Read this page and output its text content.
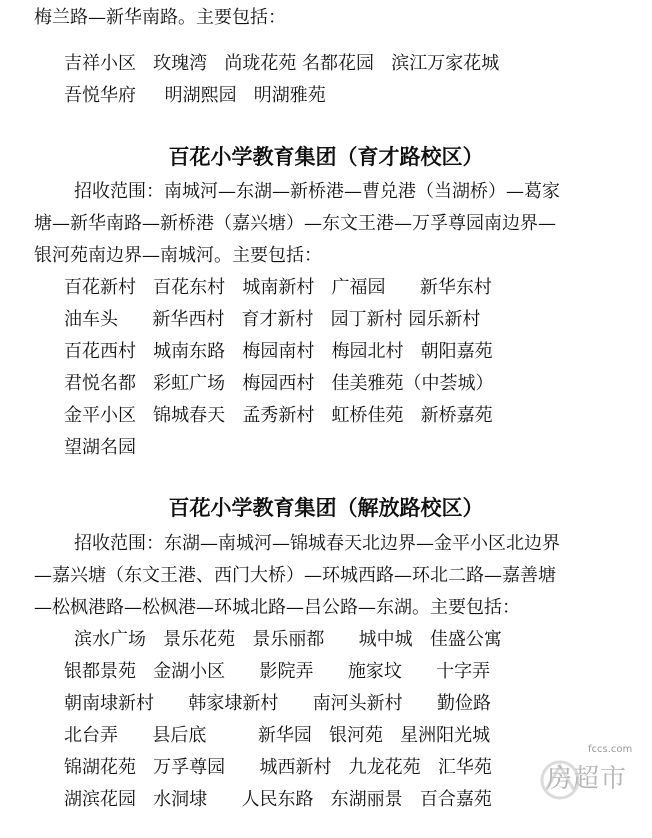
梅兰路—新华南路。主要包括：
吉祥小区   玫瑰湾   尚珑花苑 名都花园   滨江万家花城
吾悦华府     明湖熙园   明湖雅苑
百花小学教育集团（育才路校区）
招收范围：南城河—东湖—新桥港—曹兑港（当湖桥）—葛家
塘—新华南路—新桥港（嘉兴塘）—东文王港—万孚尊园南边界—
银河苑南边界—南城河。主要包括：
百花新村   百花东村   城南新村   广福园      新华东村
油车头      新华西村   育才新村   园丁新村 园乐新村
百花西村   城南东路   梅园南村   梅园北村   朝阳嘉苑
君悦名都   彩虹广场   梅园西村   佳美雅苑（中荟城）
金平小区   锦城春天   孟秀新村   虹桥佳苑   新桥嘉苑
望湖名园
百花小学教育集团（解放路校区）
招收范围：东湖—南城河—锦城春天北边界—金平小区北边界
—嘉兴塘（东文王港、西门大桥）—环城西路—环北二路—嘉善塘
—松枫港路—松枫港—环城北路—吕公路—东湖。主要包括：
滨水广场   景乐花苑   景乐丽都      城中城   佳盛公寓
银都景苑   金湖小区      影院弄      施家坟      十字弄
朝南埭新村      韩家埭新村      南河头新村      勤俭路
北台弄      县后底         新华园   银河苑   星洲阳光城
锦湖花苑   万孚尊园      城西新村   九龙花苑   汇华苑
湖滨花园   水洞埭      人民东路   东湖丽景   百合嘉苑
fccs.com
房超市
